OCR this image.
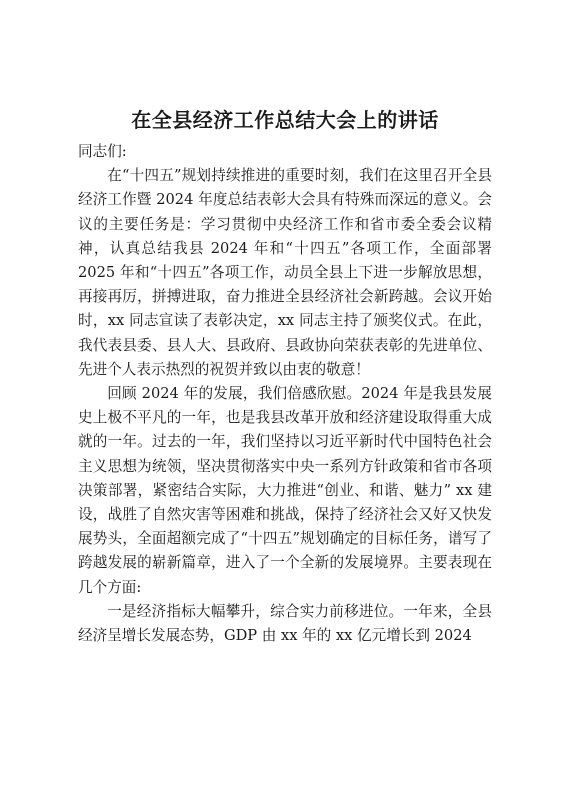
在全县经济工作总结大会上的讲话

同志们:

在“十四五”规划持续推进的重要时刻，我们在这里召开全县经济工作暨 2024 年度总结表彰大会具有特殊而深远的意义。会议的主要任务是：学习贯彻中央经济工作和省市委全委会议精神，认真总结我县 2024 年和“十四五”各项工作，全面部署 2025 年和“十四五”各项工作，动员全县上下进一步解放思想，再接再厉，拼搏进取，奋力推进全县经济社会新跨越。会议开始时，xx 同志宣读了表彰决定，xx 同志主持了颁奖仪式。在此，我代表县委、县人大、县政府、县政协向荣获表彰的先进单位、先进个人表示热烈的祝贺并致以由衷的敬意！

回顾 2024 年的发展，我们倍感欣慰。2024 年是我县发展史上极不平凡的一年，也是我县改革开放和经济建设取得重大成就的一年。过去的一年，我们坚持以习近平新时代中国特色社会主义思想为统领，坚决贯彻落实中央一系列方针政策和省市各项决策部署，紧密结合实际，大力推进“创业、和谐、魅力” xx 建设，战胜了自然灾害等困难和挑战，保持了经济社会又好又快发展势头，全面超额完成了“十四五”规划确定的目标任务，谱写了跨越发展的崭新篇章，进入了一个全新的发展境界。主要表现在几个方面:

一是经济指标大幅攀升，综合实力前移进位。一年来，全县经济呈增长发展态势，GDP 由 xx 年的 xx 亿元增长到 2024
